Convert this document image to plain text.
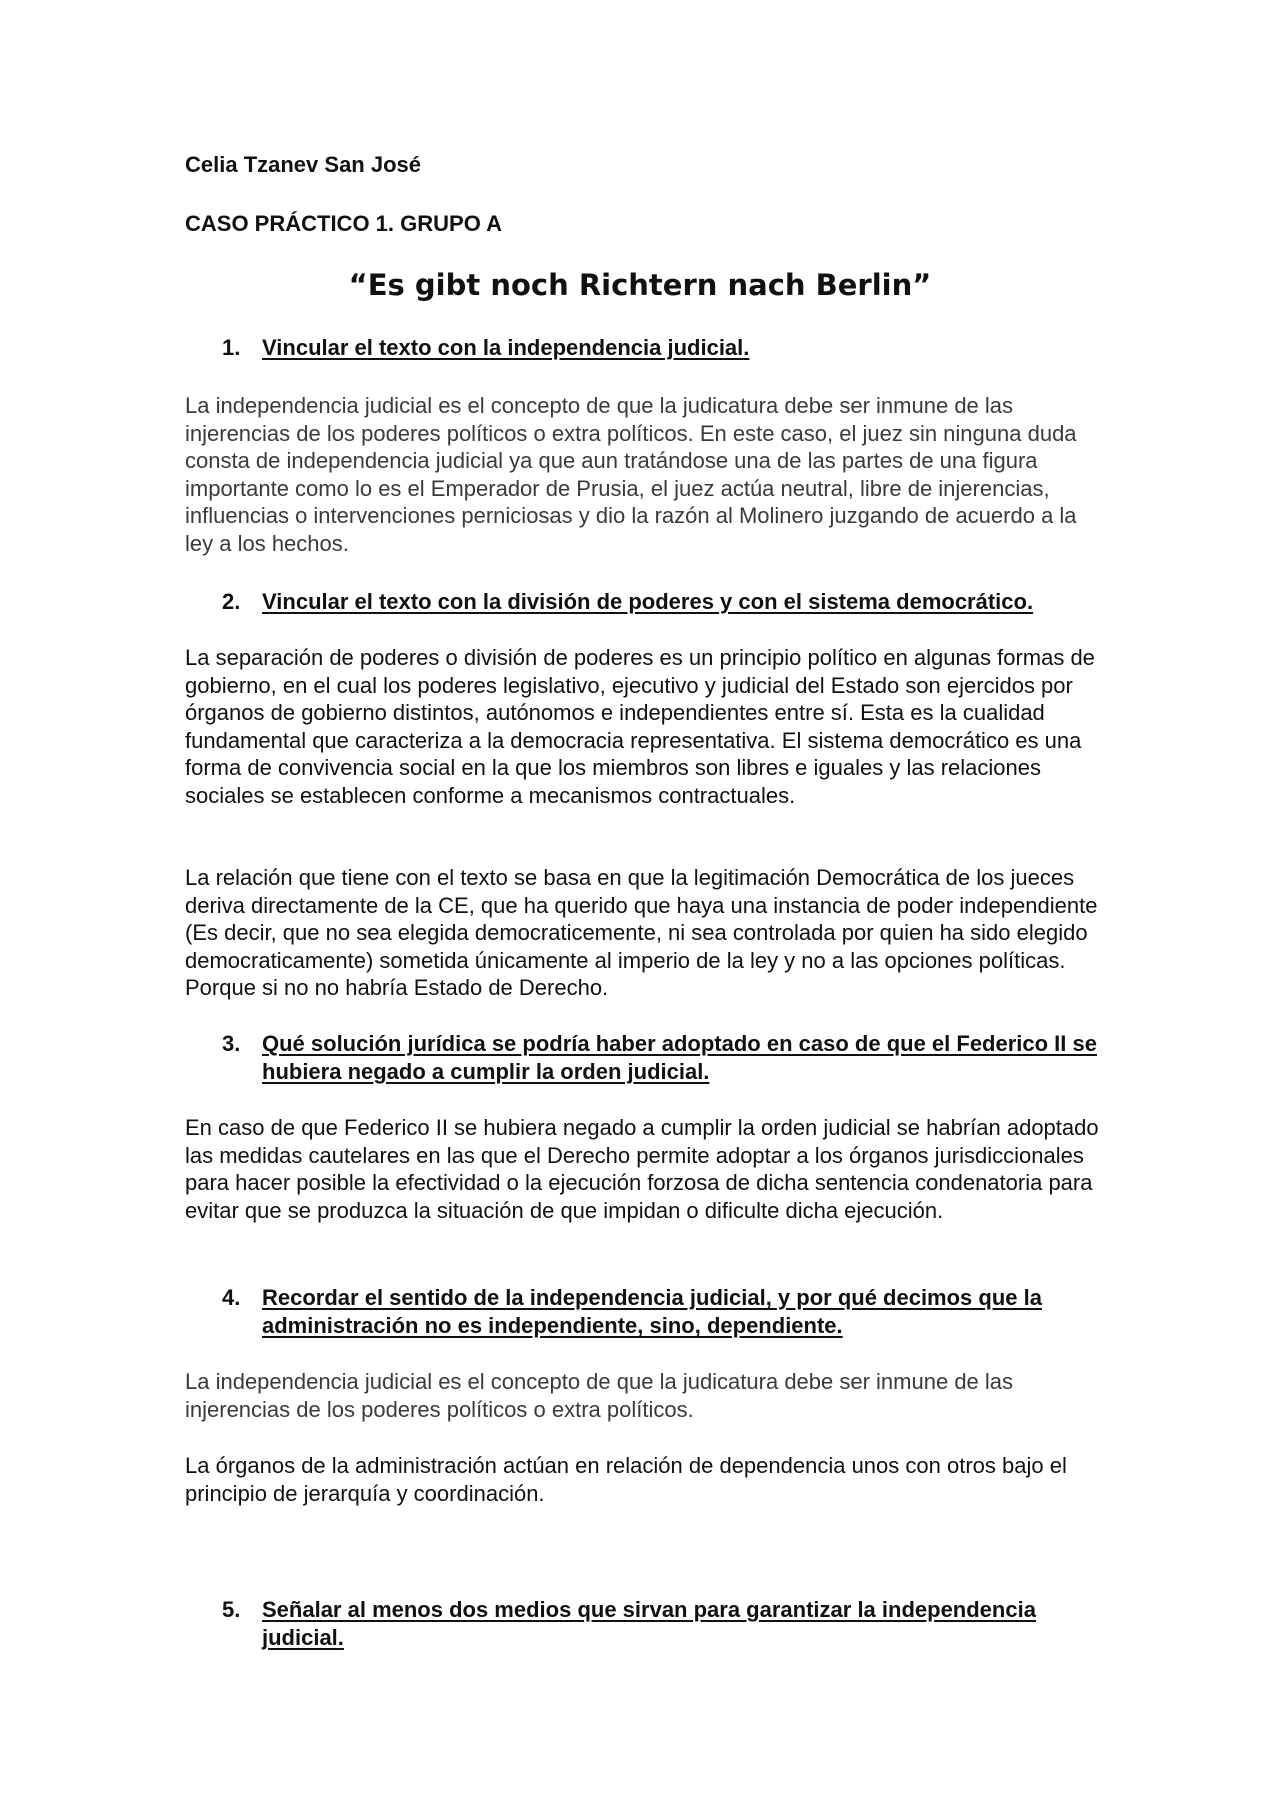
Celia Tzanev San José
CASO PRÁCTICO 1. GRUPO A
“Es gibt noch Richtern nach Berlin”
1. Vincular el texto con la independencia judicial.

La independencia judicial es el concepto de que la judicatura debe ser inmune de las injerencias de los poderes políticos o extra políticos. En este caso, el juez sin ninguna duda consta de independencia judicial ya que aun tratándose una de las partes de una figura importante como lo es el Emperador de Prusia, el juez actúa neutral, libre de injerencias, influencias o intervenciones perniciosas y dio la razón al Molinero juzgando de acuerdo a la ley a los hechos.

2. Vincular el texto con la división de poderes y con el sistema democrático.

La separación de poderes o división de poderes es un principio político en algunas formas de gobierno, en el cual los poderes legislativo, ejecutivo y judicial del Estado son ejercidos por órganos de gobierno distintos, autónomos e independientes entre sí. Esta es la cualidad fundamental que caracteriza a la democracia representativa. El sistema democrático es una forma de convivencia social en la que los miembros son libres e iguales y las relaciones sociales se establecen conforme a mecanismos contractuales.

La relación que tiene con el texto se basa en que la legitimación Democrática de los jueces deriva directamente de la CE, que ha querido que haya una instancia de poder independiente (Es decir, que no sea elegida democraticemente, ni sea controlada por quien ha sido elegido democraticamente) sometida únicamente al imperio de la ley y no a las opciones políticas. Porque si no no habría Estado de Derecho.

3. Qué solución jurídica se podría haber adoptado en caso de que el Federico II se hubiera negado a cumplir la orden judicial.

En caso de que Federico II se hubiera negado a cumplir la orden judicial se habrían adoptado las medidas cautelares en las que el Derecho permite adoptar a los órganos jurisdiccionales para hacer posible la efectividad o la ejecución forzosa de dicha sentencia condenatoria para evitar que se produzca la situación de que impidan o dificulte dicha ejecución.

4. Recordar el sentido de la independencia judicial, y por qué decimos que la administración no es independiente, sino, dependiente.

La independencia judicial es el concepto de que la judicatura debe ser inmune de las injerencias de los poderes políticos o extra políticos.

La órganos de la administración actúan en relación de dependencia unos con otros bajo el principio de jerarquía y coordinación.

5. Señalar al menos dos medios que sirvan para garantizar la independencia judicial.
